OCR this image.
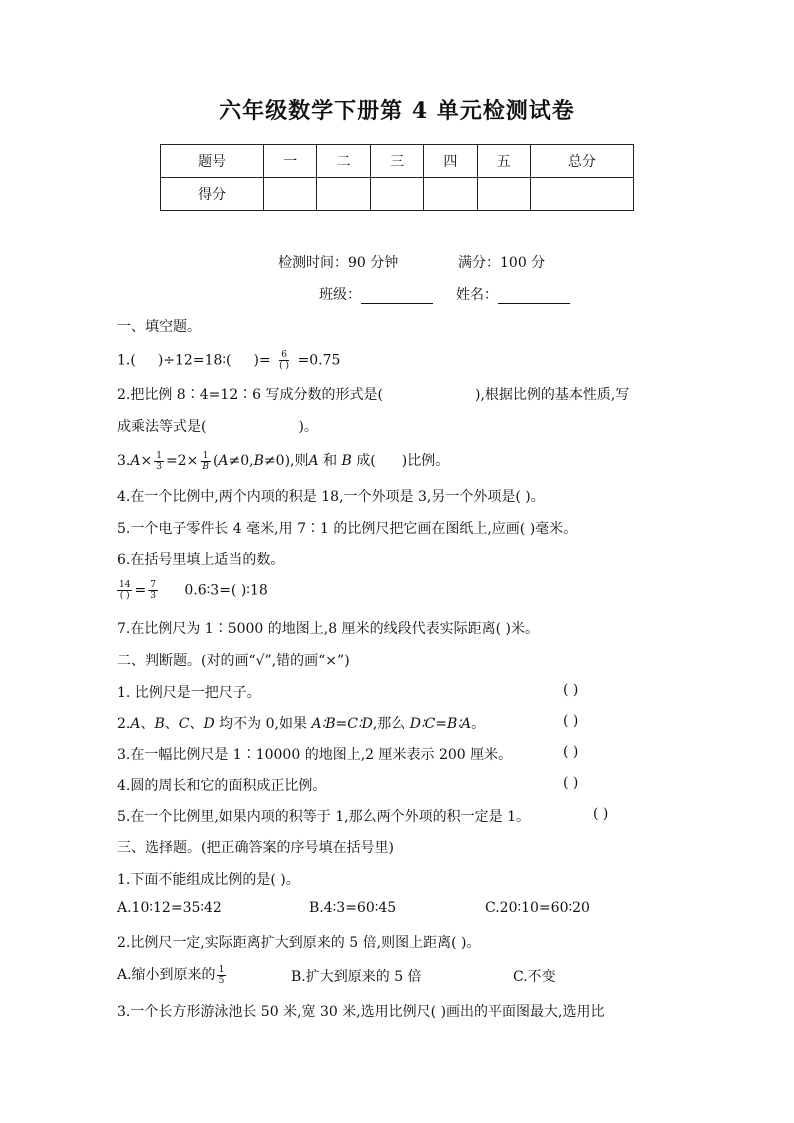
六年级数学下册第 4 单元检测试卷
题号	一	二	三	四	五	总分
得分						
检测时间：90 分钟	满分：100 分
班级：	姓名：
一、填空题。
1.( )÷12=18∶( )= $\frac{6}{( )} =0.75$
2.把比例 8∶4=12∶6 写成分数的形式是(	),根据比例的基本性质,写
成乘法等式是(	)。
$3.A\times \frac{1}{3} =2\times \frac{1}{B} (A\ne 0,B\ne 0)$,则A 和 B 成( )比例。
4.在一个比例中,两个内项的积是 18,一个外项是 3,另一个外项是( )。
5.一个电子零件长 4 毫米,用 7∶1 的比例尺把它画在图纸上,应画( )毫米。
6.在括号里填上适当的数。
$\frac{14}{( )} = \frac{7}{3}$ 0.6∶3=( )∶18
7.在比例尺为 1∶5000 的地图上,8 厘米的线段代表实际距离( )米。
二、判断题。(对的画“√”,错的画“×”)
1. 比例尺是一把尺子。	( )
2.A、B、C、D 均不为 0,如果 A∶B=C∶D,那么 D∶C=B∶A。	( )
3.在一幅比例尺是 1∶10000 的地图上,2 厘米表示 200 厘米。	( )
4.圆的周长和它的面积成正比例。	( )
5.在一个比例里,如果内项的积等于 1,那么两个外项的积一定是 1。	( )
三、选择题。(把正确答案的序号填在括号里)
1.下面不能组成比例的是( )。
A.10∶12=35∶42	B.4∶3=60∶45	C.20∶10=60∶20
2.比例尺一定,实际距离扩大到原来的 5 倍,则图上距离( )。
A.缩小到原来的 $\frac{1}{5}$	B.扩大到原来的 5 倍	C.不变
3.一个长方形游泳池长 50 米,宽 30 米,选用比例尺( )画出的平面图最大,选用比
